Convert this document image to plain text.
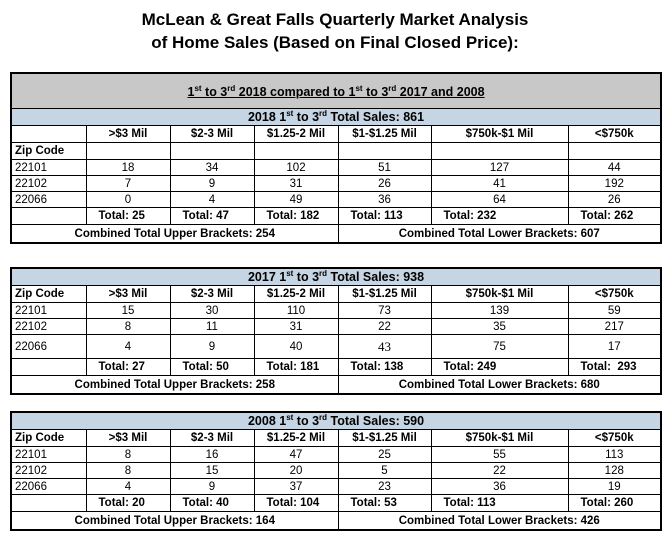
McLean & Great Falls Quarterly Market Analysis
of Home Sales (Based on Final Closed Price):
1st to 3rd 2018 compared to 1st to 3rd 2017 and 2008						
2018 1st to 3rd Total Sales: 861						
	>$3 Mil	$2-3 Mil	$1.25-2 Mil	$1-$1.25 Mil	$750k-$1 Mil	<$750k
Zip Code						
22101	18	34	102	51	127	44
22102	7	9	31	26	41	192
22066	0	4	49	36	64	26
	Total: 25	Total: 47	Total: 182	Total: 113	Total: 232	Total: 262
Combined Total Upper Brackets: 254				Combined Total Lower Brackets: 607		
2017 1st to 3rd Total Sales: 938						
Zip Code	>$3 Mil	$2-3 Mil	$1.25-2 Mil	$1-$1.25 Mil	$750k-$1 Mil	<$750k
22101	15	30	110	73	139	59
22102	8	11	31	22	35	217
22066	4	9	40	43	75	17
	Total: 27	Total: 50	Total: 181	Total: 138	Total: 249	Total:  293
Combined Total Upper Brackets: 258				Combined Total Lower Brackets: 680		
2008 1st to 3rd Total Sales: 590						
Zip Code	>$3 Mil	$2-3 Mil	$1.25-2 Mil	$1-$1.25 Mil	$750k-$1 Mil	<$750k
22101	8	16	47	25	55	113
22102	8	15	20	5	22	128
22066	4	9	37	23	36	19
	Total: 20	Total: 40	Total: 104	Total: 53	Total: 113	Total: 260
Combined Total Upper Brackets: 164				Combined Total Lower Brackets: 426		
